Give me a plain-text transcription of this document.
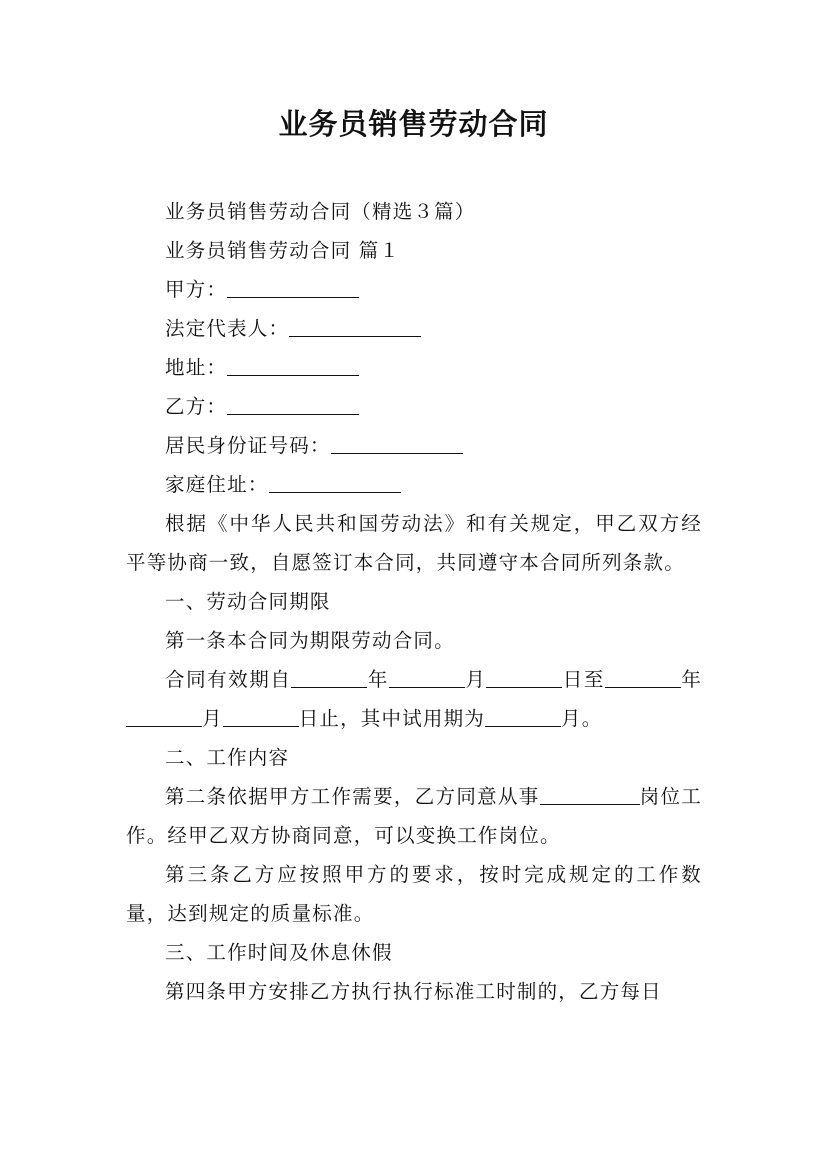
业务员销售劳动合同

业务员销售劳动合同（精选３篇）

业务员销售劳动合同 篇１

甲方：

法定代表人：

地址：

乙方：

居民身份证号码：

家庭住址：

根据《中华人民共和国劳动法》和有关规定，甲乙双方经平等协商一致，自愿签订本合同，共同遵守本合同所列条款。

一、劳动合同期限

第一条本合同为期限劳动合同。

合同有效期自	年	月	日至	年月	日止，其中试用期为	月。

二、工作内容

第二条依据甲方工作需要，乙方同意从事	岗位工作。经甲乙双方协商同意，可以变换工作岗位。

第三条乙方应按照甲方的要求，按时完成规定的工作数量，达到规定的质量标准。

三、工作时间及休息休假

第四条甲方安排乙方执行执行标准工时制的，乙方每日
